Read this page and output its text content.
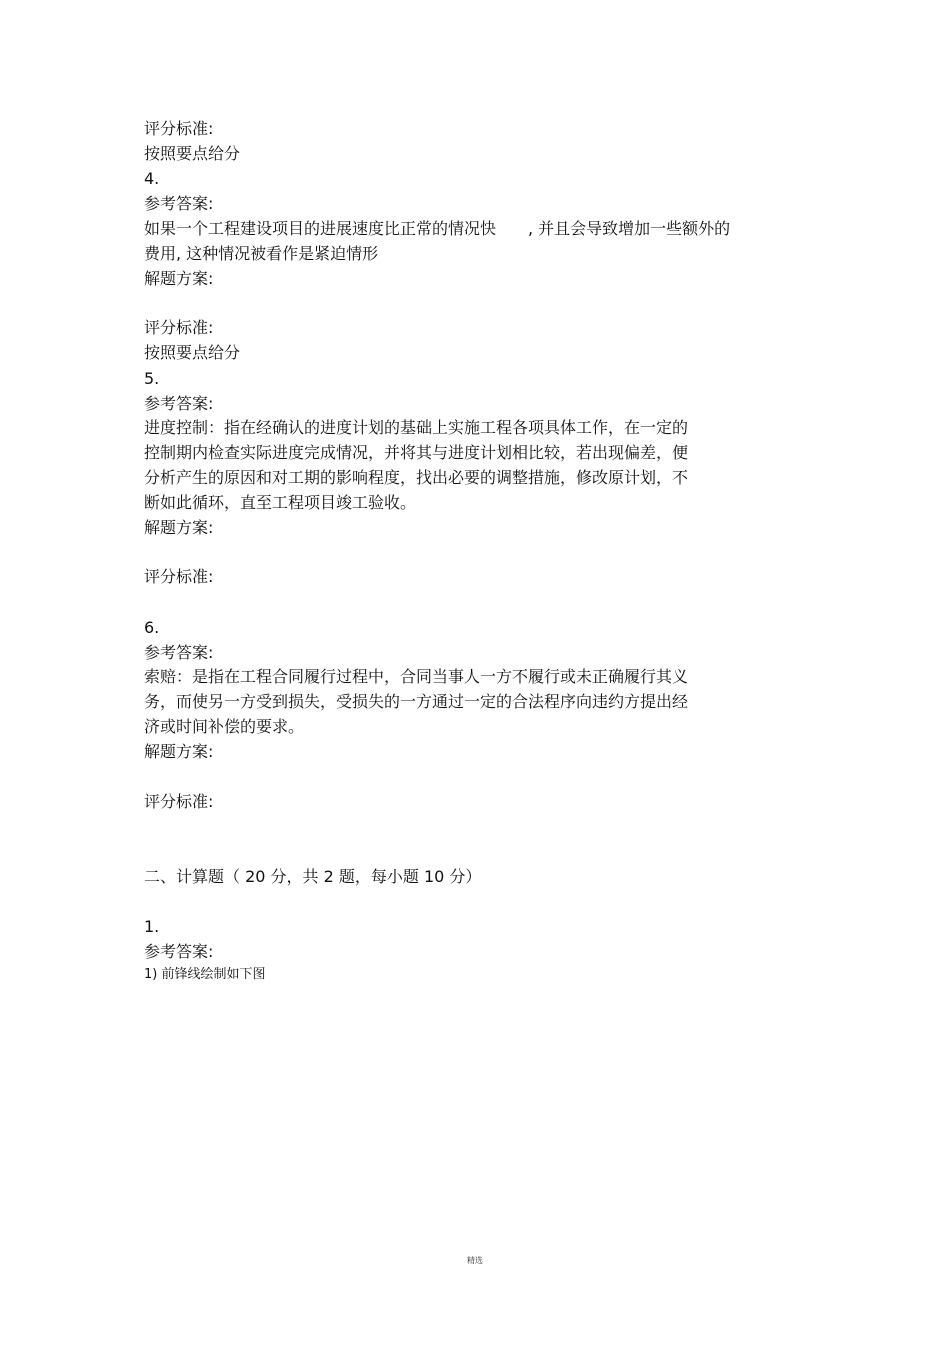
评分标准:
按照要点给分
4.
参考答案:
如果一个工程建设项目的进展速度比正常的情况快　　, 并且会导致增加一些额外的
费用, 这种情况被看作是紧迫情形
解题方案:
评分标准:
按照要点给分
5.
参考答案:
进度控制：指在经确认的进度计划的基础上实施工程各项具体工作，在一定的
控制期内检查实际进度完成情况，并将其与进度计划相比较，若出现偏差，便
分析产生的原因和对工期的影响程度，找出必要的调整措施，修改原计划，不
断如此循环，直至工程项目竣工验收。
解题方案:
评分标准:
6.
参考答案:
索赔：是指在工程合同履行过程中，合同当事人一方不履行或未正确履行其义
务，而使另一方受到损失，受损失的一方通过一定的合法程序向违约方提出经
济或时间补偿的要求。
解题方案:
评分标准:
二、计算题（ 20 分，共 2 题，每小题 10 分）
1.
参考答案:
1) 前锋线绘制如下图
精选
